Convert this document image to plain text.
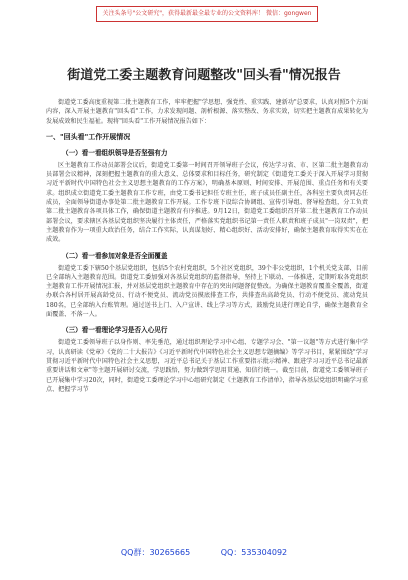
关注头条号"公文研究"，获得最新最全最专业的公文资料库！ 微信：gongwen
街道党工委主题教育问题整改"回头看"情况报告

街道党工委高度重视第二批主题教育工作，牢牢把握"学思想、强党性、重实践、建新功"总要求，认真对照5个方面内容，深入开展主题教育"回头看"工作，力求发现问题、剖析根源、落实整改、务求实效，切实把主题教育成果转化为发展成效和民生福祉。现将"回头看"工作开展情况报告如下：

一、"回头看"工作开展情况
（一）看一看组织领导是否坚强有力

区主题教育工作动员部署会议后，街道党工委第一时间召开领导班子会议，传达学习省、市、区第二批主题教育动员部署会议精神，深刻把握主题教育的重大意义、总体要求和目标任务，研究制定《街道党工委关于深入开展学习贯彻习近平新时代中国特色社会主义思想主题教育的工作方案》，明确基本原则、时间安排、开展范围、重点任务和有关要求。组织成立街道党工委主题教育工作专班，由党工委书记担任专班主任，班子成员任副主任，各科室主要负责同志任成员，全面领导街道办事处第二批主题教育工作开展。工作专班下设综合协调组、宣传引导组、督导检查组，分工负责第二批主题教育各项具体工作，确保街道主题教育有序推进。9月12日，街道党工委组织召开第二批主题教育工作动员部署会议，要求辖区各基层党组织坚决履行主体责任，严格落实党组织书记第一责任人职责和班子成员"一岗双责"，把主题教育作为一项重大政治任务，结合工作实际，认真谋划好、精心组织好、活动安排好，确保主题教育取得实实在在成效。

（二）看一看参加对象是否全面覆盖

街道党工委下辖50个基层党组织，包括5个农村党组织，5个社区党组织，39个非公党组织，1个机关党支部，目前已全部纳入主题教育范围。街道党工委加强对各基层党组织的监督指导，坚持上下联动、一体推进，定期听取各党组织主题教育工作开展情况汇报，并对基层党组织主题教育中存在的突出问题督促整改。为确保主题教育覆盖全覆盖，街道办联合各村居开展高龄党员、行动不便党员、流动党员摸底排查工作，共排查出高龄党员、行动不便党员、流动党员180名，已全部纳入台账管理。通过送书上门、入户宣讲、线上学习等方式，鼓励党员进行理论自学，确保主题教育全面覆盖、不落一人。

（三）看一看理论学习是否入心见行

街道党工委领导班子以身作则、率先垂范，通过组织理论学习中心组、专题学习会、"第一议题"等方式进行集中学习，认真研读《党章》《党的二十大报告》《习近平新时代中国特色社会主义思想专题摘编》等学习书目，紧紧围绕"学习贯彻习近平新时代中国特色社会主义思想，习近平总书记关于基层工作重要指示批示精神、跟进学习习近平总书记最新重要讲话和文章"等主题开展研讨交流，学思践悟，努力做到学思用贯通、知信行统一。截至目前，街道党工委领导班子已开展集中学习20次，同时，街道党工委理论学习中心组研究制定《主题教育工作清单》，指导各基层党组织明确学习重点、把握学习节

QQ群：30265665	QQ：535304092
